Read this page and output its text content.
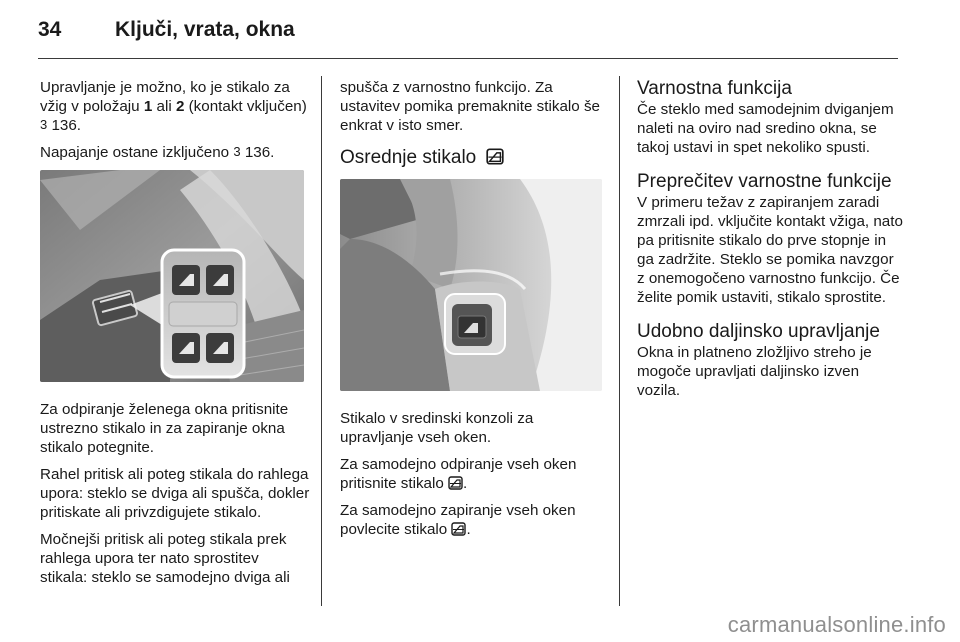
34	Ključi, vrata, okna

Upravljanje je možno, ko je stikalo za vžig v položaju 1 ali 2 (kontakt vključen) 3 136.

Napajanje ostane izključeno 3 136.

Za odpiranje želenega okna pritisnite ustrezno stikalo in za zapiranje okna stikalo potegnite.

Rahel pritisk ali poteg stikala do rahlega upora: steklo se dviga ali spušča, dokler pritiskate ali privzdigujete stikalo.

Močnejši pritisk ali poteg stikala prek rahlega upora ter nato sprostitev stikala: steklo se samodejno dviga ali

spušča z varnostno funkcijo. Za ustavitev pomika premaknite stikalo še enkrat v isto smer.

Osrednje stikalo

Stikalo v sredinski konzoli za upravljanje vseh oken.

Za samodejno odpiranje vseh oken pritisnite stikalo .

Za samodejno zapiranje vseh oken povlecite stikalo .

Varnostna funkcija

Če steklo med samodejnim dviganjem naleti na oviro nad sredino okna, se takoj ustavi in spet nekoliko spusti.

Preprečitev varnostne funkcije

V primeru težav z zapiranjem zaradi zmrzali ipd. vključite kontakt vžiga, nato pa pritisnite stikalo do prve stopnje in ga zadržite. Steklo se pomika navzgor z onemogočeno varnostno funkcijo. Če želite pomik ustaviti, stikalo sprostite.

Udobno daljinsko upravljanje

Okna in platneno zložljivo streho je mogoče upravljati daljinsko izven vozila.

carmanualsonline.info
